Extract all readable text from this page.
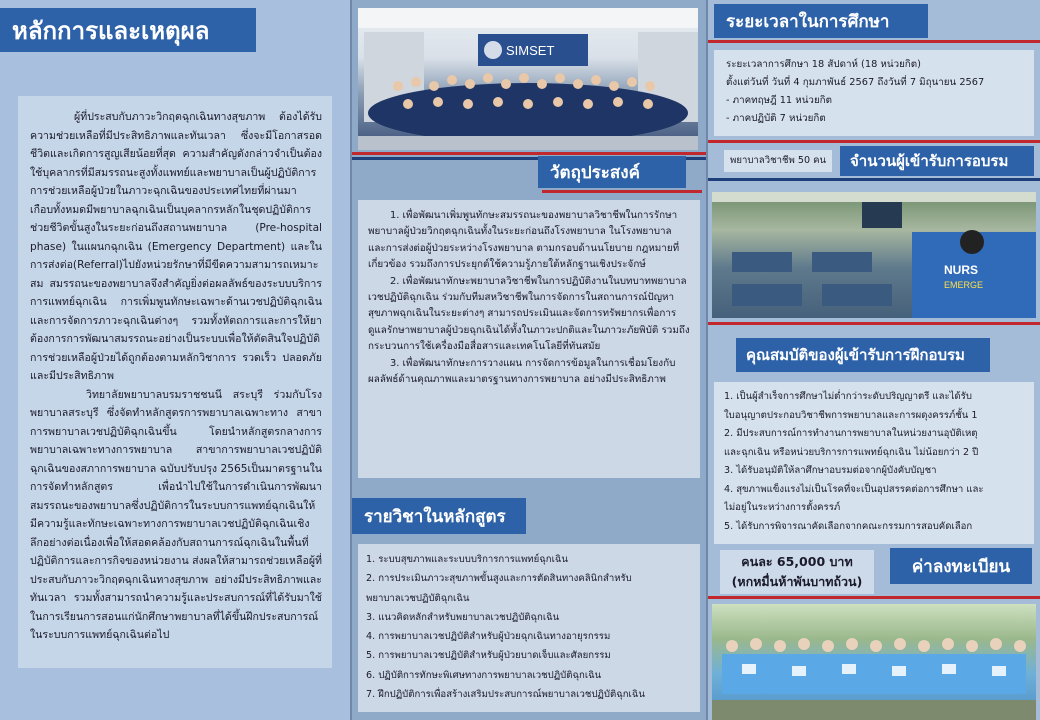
หลักการและเหตุผล

ผู้ที่ประสบกับภาวะวิกฤตฉุกเฉินทางสุขภาพ ต้องได้รับความช่วยเหลือที่มีประสิทธิภาพและทันเวลา ซึ่งจะมีโอกาสรอดชีวิตและเกิดการสูญเสียน้อยที่สุด ความสำคัญดังกล่าวจำเป็นต้องใช้บุคลากรที่มีสมรรถนะสูงทั้งแพทย์และพยาบาลเป็นผู้ปฏิบัติการการช่วยเหลือผู้ป่วยในภาวะฉุกเฉินของประเทศไทยที่ผ่านมา เกือบทั้งหมดมีพยาบาลฉุกเฉินเป็นบุคลากรหลักในชุดปฏิบัติการช่วยชีวิตขั้นสูงในระยะก่อนถึงสถานพยาบาล (Pre-hospital phase) ในแผนกฉุกเฉิน (Emergency Department) และในการส่งต่อ(Referral)ไปยังหน่วยรักษาที่มีขีดความสามารถเหมาะสม สมรรถนะของพยาบาลจึงสำคัญยิ่งต่อผลลัพธ์ของระบบบริการการแพทย์ฉุกเฉิน การเพิ่มพูนทักษะเฉพาะด้านเวชปฏิบัติฉุกเฉิน และการจัดการภาวะฉุกเฉินต่างๆ รวมทั้งหัตถการและการให้ยาต้องการการพัฒนาสมรรถนะอย่างเป็นระบบเพื่อให้ตัดสินใจปฏิบัติการช่วยเหลือผู้ป่วยได้ถูกต้องตามหลักวิชาการ รวดเร็ว ปลอดภัย และมีประสิทธิภาพ

วิทยาลัยพยาบาลบรมราชชนนี สระบุรี ร่วมกับโรงพยาบาลสระบุรี ซึ่งจัดทำหลักสูตรการพยาบาลเฉพาะทาง สาขาการพยาบาลเวชปฏิบัติฉุกเฉินขึ้น โดยนำหลักสูตรกลางการพยาบาลเฉพาะทางการพยาบาล สาขาการพยาบาลเวชปฏิบัติฉุกเฉินของสภาการพยาบาล ฉบับปรับปรุง 2565เป็นมาตรฐานในการจัดทำหลักสูตร เพื่อนำไปใช้ในการดำเนินการพัฒนาสมรรถนะของพยาบาลซึ่งปฏิบัติการในระบบการแพทย์ฉุกเฉินให้มีความรู้และทักษะเฉพาะทางการพยาบาลเวชปฏิบัติฉุกเฉินเชิงลึกอย่างต่อเนื่องเพื่อให้สอดคล้องกับสถานการณ์ฉุกเฉินในพื้นที่ปฏิบัติการและการกิจของหน่วยงาน ส่งผลให้สามารถช่วยเหลือผู้ที่ประสบกับภาวะวิกฤตฉุกเฉินทางสุขภาพ อย่างมีประสิทธิภาพและทันเวลา รวมทั้งสามารถนำความรู้และประสบการณ์ที่ได้รับมาใช้ในการเรียนการสอนแก่นักศึกษาพยาบาลที่ได้ขึ้นฝึกประสบการณ์ในระบบการแพทย์ฉุกเฉินต่อไป

SIMSET
วัตถุประสงค์

1. เพื่อพัฒนาเพิ่มพูนทักษะสมรรถนะของพยาบาลวิชาชีพในการรักษาพยาบาลผู้ป่วยวิกฤตฉุกเฉินทั้งในระยะก่อนถึงโรงพยาบาล ในโรงพยาบาล และการส่งต่อผู้ป่วยระหว่างโรงพยาบาล ตามกรอบด้านนโยบาย กฎหมายที่เกี่ยวข้อง รวมถึงการประยุกต์ใช้ความรู้ภายใต้หลักฐานเชิงประจักษ์

2. เพื่อพัฒนาทักษะพยาบาลวิชาชีพในการปฏิบัติงานในบทบาทพยาบาลเวชปฏิบัติฉุกเฉิน ร่วมกับทีมสหวิชาชีพในการจัดการในสถานการณ์ปัญหาสุขภาพฉุกเฉินในระยะต่างๆ สามารถประเมินและจัดการทรัพยากรเพื่อการดูแลรักษาพยาบาลผู้ป่วยฉุกเฉินได้ทั้งในภาวะปกติและในภาวะภัยพิบัติ รวมถึงกระบวนการใช้เครื่องมือสื่อสารและเทคโนโลยีที่ทันสมัย

3. เพื่อพัฒนาทักษะการวางแผน การจัดการข้อมูลในการเชื่อมโยงกับผลลัพธ์ด้านคุณภาพและมาตรฐานทางการพยาบาล อย่างมีประสิทธิภาพ

รายวิชาในหลักสูตร
1. ระบบสุขภาพและระบบบริการการแพทย์ฉุกเฉิน
2. การประเมินภาวะสุขภาพขั้นสูงและการตัดสินทางคลินิกสำหรับ
พยาบาลเวชปฏิบัติฉุกเฉิน
3. แนวคิดหลักสำหรับพยาบาลเวชปฏิบัติฉุกเฉิน
4. การพยาบาลเวชปฏิบัติสำหรับผู้ป่วยฉุกเฉินทางอายุรกรรม
5. การพยาบาลเวชปฏิบัติสำหรับผู้ป่วยบาดเจ็บและศัลยกรรม
6. ปฏิบัติการทักษะพิเศษทางการพยาบาลเวชปฏิบัติฉุกเฉิน
7. ฝึกปฏิบัติการเพื่อสร้างเสริมประสบการณ์พยาบาลเวชปฏิบัติฉุกเฉิน
ระยะเวลาในการศึกษา
ระยะเวลาการศึกษา 18 สัปดาห์ (18 หน่วยกิต)
ตั้งแต่วันที่ วันที่ 4 กุมภาพันธ์ 2567 ถึงวันที่ 7 มิถุนายน 2567
- ภาคทฤษฎี 11 หน่วยกิต
- ภาคปฏิบัติ 7 หน่วยกิต
พยาบาลวิชาชีพ 50 คน	จำนวนผู้เข้ารับการอบรม
NURS
EMERGE
คุณสมบัติของผู้เข้ารับการฝึกอบรม
1. เป็นผู้สำเร็จการศึกษาไม่ต่ำกว่าระดับปริญญาตรี และได้รับ
ใบอนุญาตประกอบวิชาชีพการพยาบาลและการผดุงครรภ์ชั้น 1
2. มีประสบการณ์การทำงานการพยาบาลในหน่วยงานอุบัติเหตุ
และฉุกเฉิน หรือหน่วยบริการการแพทย์ฉุกเฉิน ไม่น้อยกว่า 2 ปี
3. ได้รับอนุมัติให้ลาศึกษาอบรมต่อจากผู้บังคับบัญชา
4. สุขภาพแข็งแรงไม่เป็นโรคที่จะเป็นอุปสรรคต่อการศึกษา และ
ไม่อยู่ในระหว่างการตั้งครรภ์
5. ได้รับการพิจารณาคัดเลือกจากคณะกรรมการสอบคัดเลือก
คนละ 65,000 บาท
(หกหมื่นห้าพันบาทถ้วน)
ค่าลงทะเบียน
